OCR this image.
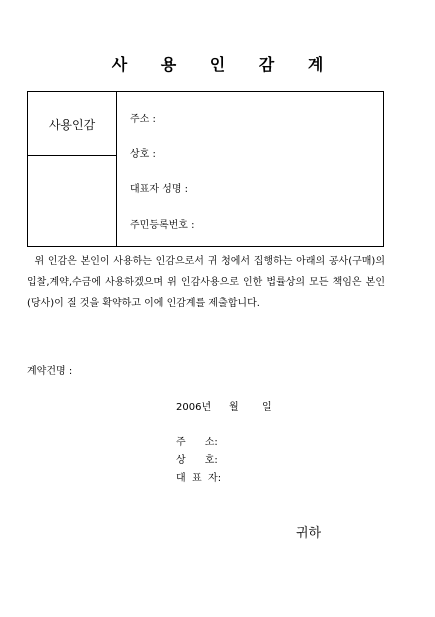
사 용 인 감 계
사용인감	주소 :
상호 :
대표자 성명 :
주민등록번호 :
위 인감은 본인이 사용하는 인감으로서 귀 청에서 집행하는 아래의 공사(구매)의 입찰,계약,수금에 사용하겠으며 위 인감사용으로 인한 법률상의 모든 책임은 본인(당사)이 질 것을 확약하고 이에 인감계를 제출합니다.
계약건명 :
2006년 월 일
주      소:
상      호:
대  표  자:
귀하
